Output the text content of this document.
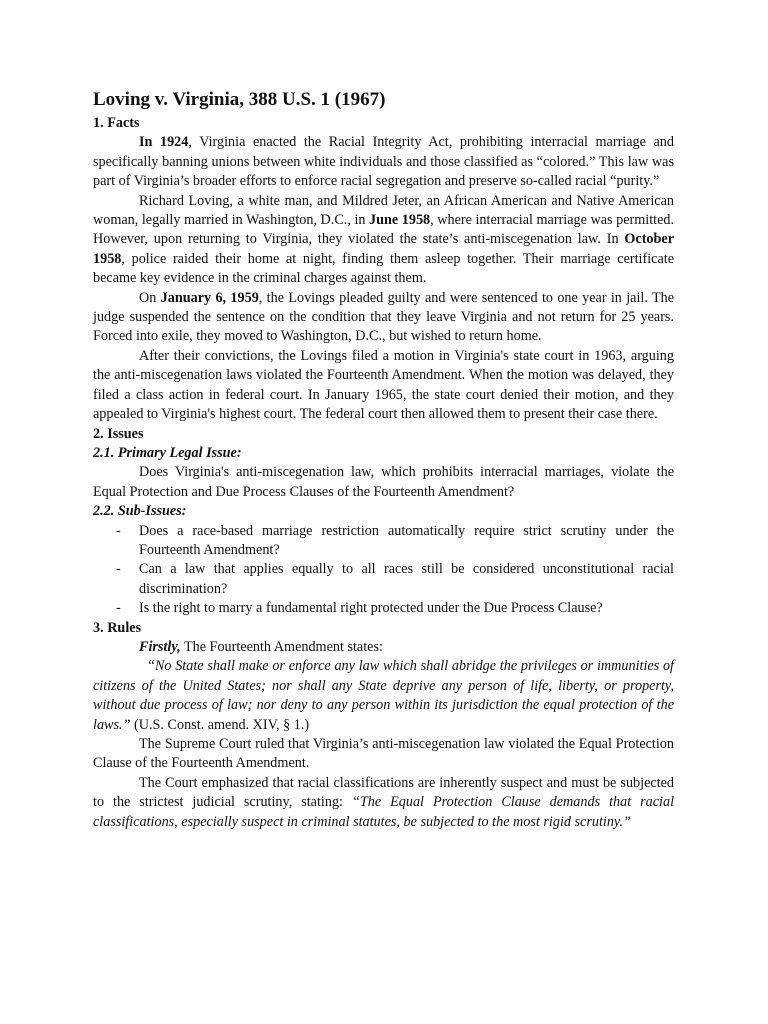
Loving v. Virginia, 388 U.S. 1 (1967)
1. Facts

In 1924, Virginia enacted the Racial Integrity Act, prohibiting interracial marriage and specifically banning unions between white individuals and those classified as “colored.” This law was part of Virginia’s broader efforts to enforce racial segregation and preserve so-called racial “purity.”

Richard Loving, a white man, and Mildred Jeter, an African American and Native American woman, legally married in Washington, D.C., in June 1958, where interracial marriage was permitted. However, upon returning to Virginia, they violated the state’s anti-miscegenation law. In October 1958, police raided their home at night, finding them asleep together. Their marriage certificate became key evidence in the criminal charges against them.

On January 6, 1959, the Lovings pleaded guilty and were sentenced to one year in jail. The judge suspended the sentence on the condition that they leave Virginia and not return for 25 years. Forced into exile, they moved to Washington, D.C., but wished to return home.

After their convictions, the Lovings filed a motion in Virginia's state court in 1963, arguing the anti-miscegenation laws violated the Fourteenth Amendment. When the motion was delayed, they filed a class action in federal court. In January 1965, the state court denied their motion, and they appealed to Virginia's highest court. The federal court then allowed them to present their case there.

2. Issues
2.1. Primary Legal Issue:

Does Virginia's anti-miscegenation law, which prohibits interracial marriages, violate the Equal Protection and Due Process Clauses of the Fourteenth Amendment?

2.2. Sub-Issues:
- Does a race-based marriage restriction automatically require strict scrutiny under the Fourteenth Amendment?
- Can a law that applies equally to all races still be considered unconstitutional racial discrimination?
- Is the right to marry a fundamental right protected under the Due Process Clause?
3. Rules

Firstly, The Fourteenth Amendment states:

“No State shall make or enforce any law which shall abridge the privileges or immunities of citizens of the United States; nor shall any State deprive any person of life, liberty, or property, without due process of law; nor deny to any person within its jurisdiction the equal protection of the laws.” (U.S. Const. amend. XIV, § 1.)

The Supreme Court ruled that Virginia’s anti-miscegenation law violated the Equal Protection Clause of the Fourteenth Amendment.

The Court emphasized that racial classifications are inherently suspect and must be subjected to the strictest judicial scrutiny, stating: “The Equal Protection Clause demands that racial classifications, especially suspect in criminal statutes, be subjected to the most rigid scrutiny.”
